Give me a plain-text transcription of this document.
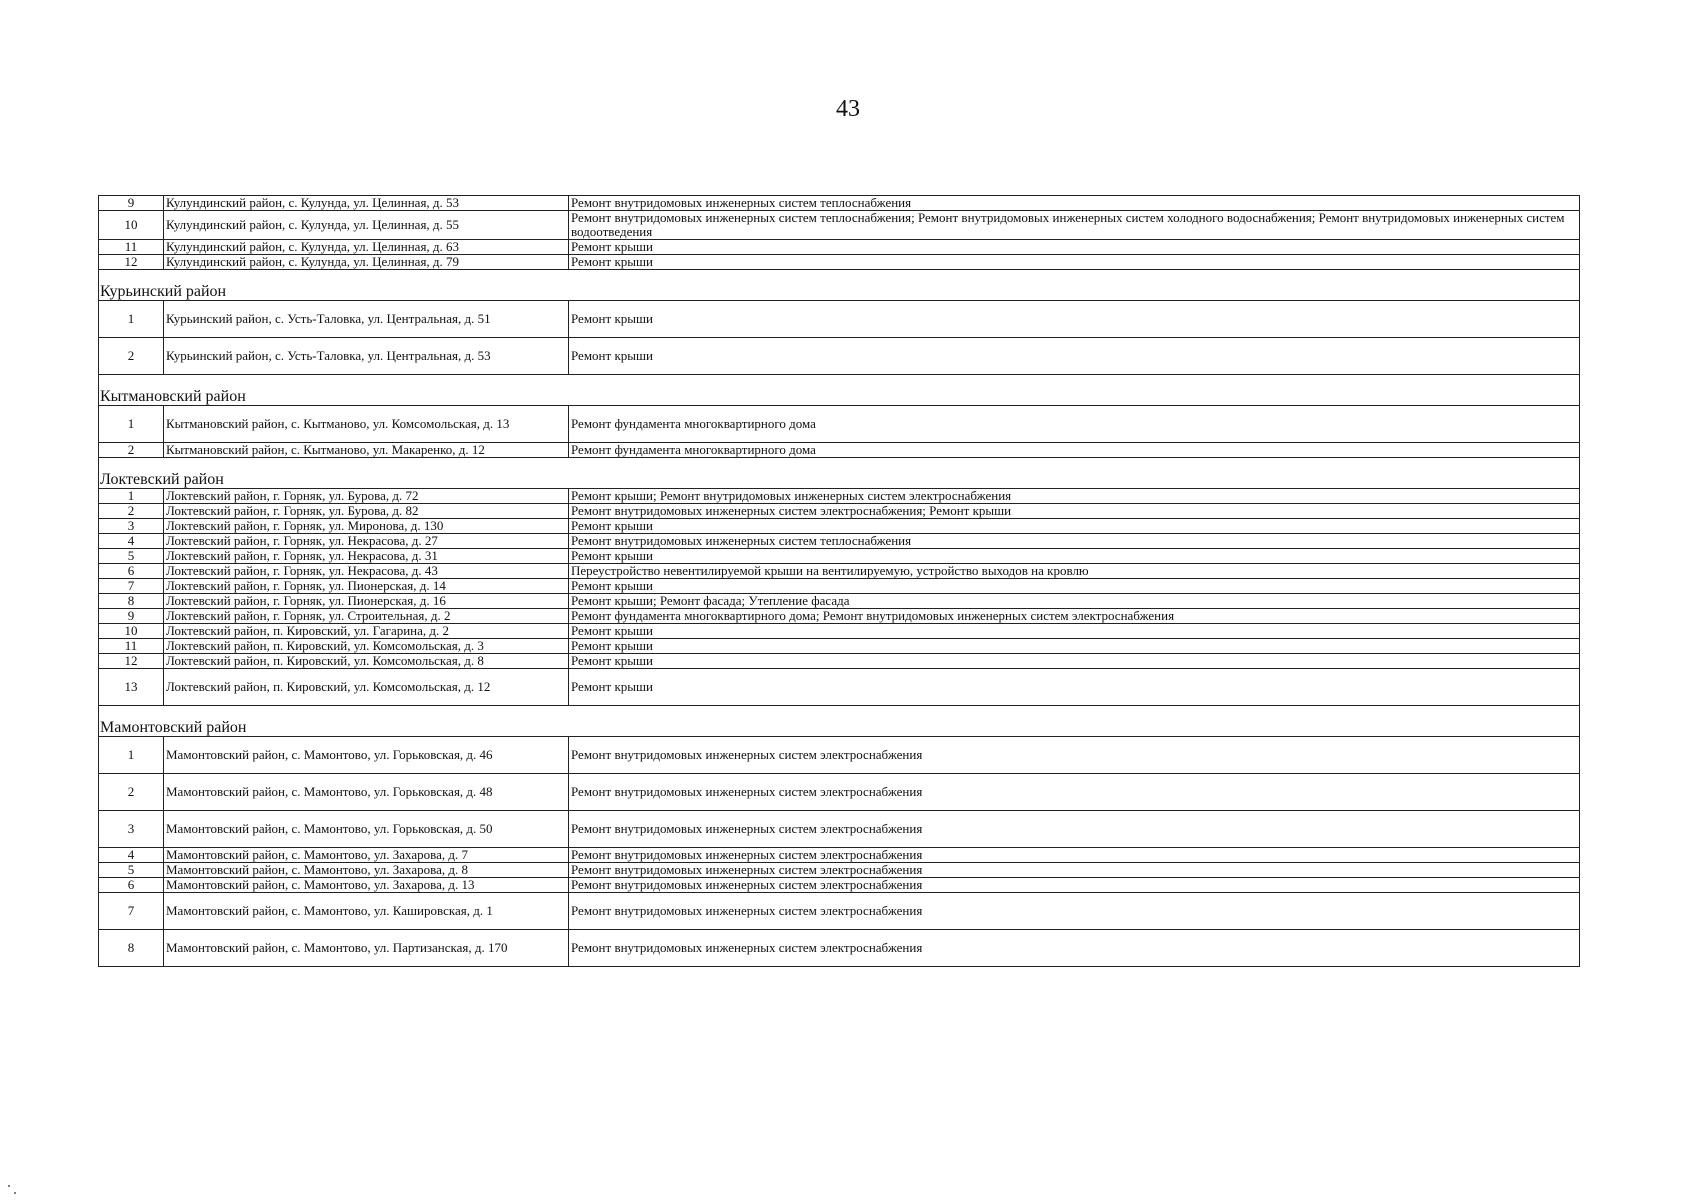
43
9	Кулундинский район, с. Кулунда, ул. Целинная, д. 53	Ремонт внутридомовых инженерных систем теплоснабжения
10	Кулундинский район, с. Кулунда, ул. Целинная, д. 55	Ремонт внутридомовых инженерных систем теплоснабжения; Ремонт внутридомовых инженерных систем холодного водоснабжения; Ремонт внутридомовых инженерных систем водоотведения
11	Кулундинский район, с. Кулунда, ул. Целинная, д. 63	Ремонт крыши
12	Кулундинский район, с. Кулунда, ул. Целинная, д. 79	Ремонт крыши
Курьинский район		
1	Курьинский район, с. Усть-Таловка, ул. Центральная, д. 51	Ремонт крыши
2	Курьинский район, с. Усть-Таловка, ул. Центральная, д. 53	Ремонт крыши
Кытмановский район		
1	Кытмановский район, с. Кытманово, ул. Комсомольская, д. 13	Ремонт фундамента многоквартирного дома
2	Кытмановский район, с. Кытманово, ул. Макаренко, д. 12	Ремонт фундамента многоквартирного дома
Локтевский район		
1	Локтевский район, г. Горняк, ул. Бурова, д. 72	Ремонт крыши; Ремонт внутридомовых инженерных систем электроснабжения
2	Локтевский район, г. Горняк, ул. Бурова, д. 82	Ремонт внутридомовых инженерных систем электроснабжения; Ремонт крыши
3	Локтевский район, г. Горняк, ул. Миронова, д. 130	Ремонт крыши
4	Локтевский район, г. Горняк, ул. Некрасова, д. 27	Ремонт внутридомовых инженерных систем теплоснабжения
5	Локтевский район, г. Горняк, ул. Некрасова, д. 31	Ремонт крыши
6	Локтевский район, г. Горняк, ул. Некрасова, д. 43	Переустройство невентилируемой крыши на вентилируемую, устройство выходов на кровлю
7	Локтевский район, г. Горняк, ул. Пионерская, д. 14	Ремонт крыши
8	Локтевский район, г. Горняк, ул. Пионерская, д. 16	Ремонт крыши; Ремонт фасада; Утепление фасада
9	Локтевский район, г. Горняк, ул. Строительная, д. 2	Ремонт фундамента многоквартирного дома; Ремонт внутридомовых инженерных систем электроснабжения
10	Локтевский район, п. Кировский, ул. Гагарина, д. 2	Ремонт крыши
11	Локтевский район, п. Кировский, ул. Комсомольская, д. 3	Ремонт крыши
12	Локтевский район, п. Кировский, ул. Комсомольская, д. 8	Ремонт крыши
13	Локтевский район, п. Кировский, ул. Комсомольская, д. 12	Ремонт крыши
Мамонтовский район		
1	Мамонтовский район, с. Мамонтово, ул. Горьковская, д. 46	Ремонт внутридомовых инженерных систем электроснабжения
2	Мамонтовский район, с. Мамонтово, ул. Горьковская, д. 48	Ремонт внутридомовых инженерных систем электроснабжения
3	Мамонтовский район, с. Мамонтово, ул. Горьковская, д. 50	Ремонт внутридомовых инженерных систем электроснабжения
4	Мамонтовский район, с. Мамонтово, ул. Захарова, д. 7	Ремонт внутридомовых инженерных систем электроснабжения
5	Мамонтовский район, с. Мамонтово, ул. Захарова, д. 8	Ремонт внутридомовых инженерных систем электроснабжения
6	Мамонтовский район, с. Мамонтово, ул. Захарова, д. 13	Ремонт внутридомовых инженерных систем электроснабжения
7	Мамонтовский район, с. Мамонтово, ул. Кашировская, д. 1	Ремонт внутридомовых инженерных систем электроснабжения
8	Мамонтовский район, с. Мамонтово, ул. Партизанская, д. 170	Ремонт внутридомовых инженерных систем электроснабжения
